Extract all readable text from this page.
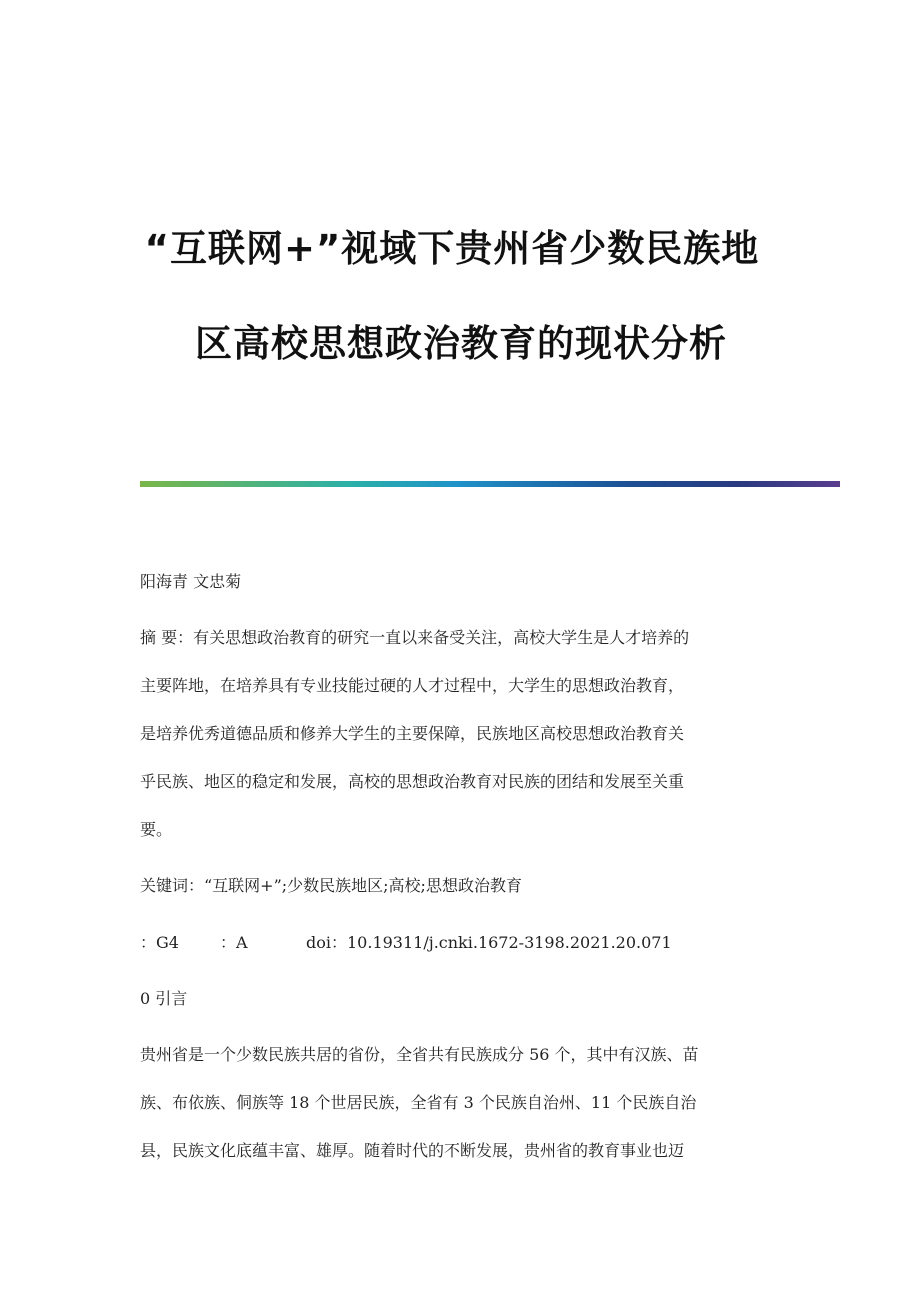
“互联网+”视域下贵州省少数民族地
区高校思想政治教育的现状分析
阳海青 文忠菊
摘 要：有关思想政治教育的研究一直以来备受关注，高校大学生是人才培养的
主要阵地，在培养具有专业技能过硬的人才过程中，大学生的思想政治教育，
是培养优秀道德品质和修养大学生的主要保障，民族地区高校思想政治教育关
乎民族、地区的稳定和发展，高校的思想政治教育对民族的团结和发展至关重
要。
关键词：“互联网+”;少数民族地区;高校;思想政治教育
：G4	：A	doi：10.19311/j.cnki.1672-3198.2021.20.071
0 引言
贵州省是一个少数民族共居的省份，全省共有民族成分 56 个，其中有汉族、苗
族、布依族、侗族等 18 个世居民族，全省有 3 个民族自治州、11 个民族自治
县，民族文化底蕴丰富、雄厚。随着时代的不断发展，贵州省的教育事业也迈
